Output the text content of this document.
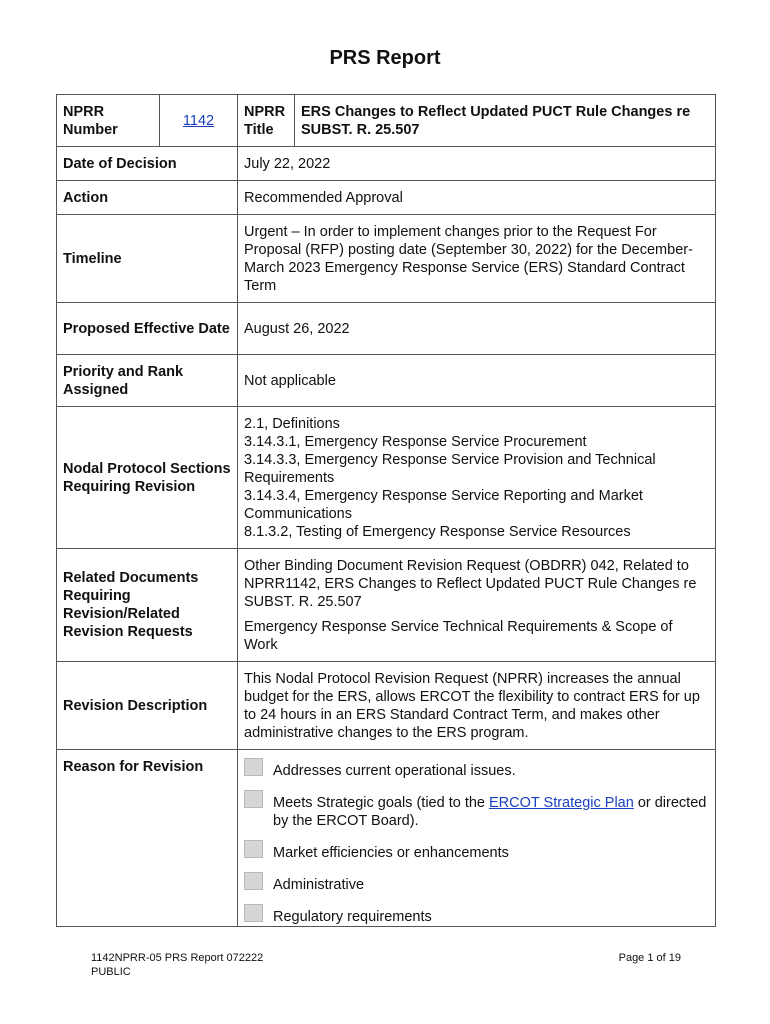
PRS Report
NPRR Number	1142	NPRR Title	ERS Changes to Reflect Updated PUCT Rule Changes re SUBST. R. 25.507
Date of Decision		July 22, 2022	
Action		Recommended Approval	
Timeline		Urgent – In order to implement changes prior to the Request For Proposal (RFP) posting date (September 30, 2022) for the December-March 2023 Emergency Response Service (ERS) Standard Contract Term	
Proposed Effective Date		August 26, 2022	
Priority and Rank Assigned		Not applicable	
Nodal Protocol Sections Requiring Revision		2.1, Definitions
3.14.3.1, Emergency Response Service Procurement
3.14.3.3, Emergency Response Service Provision and Technical Requirements
3.14.3.4, Emergency Response Service Reporting and Market Communications
8.1.3.2, Testing of Emergency Response Service Resources	

Related Documents Requiring Revision/Related Revision Requests		Other Binding Document Revision Request (OBDRR) 042, Related to NPRR1142, ERS Changes to Reflect Updated PUCT Rule Changes re SUBST. R. 25.507

Emergency Response Service Technical Requirements & Scope of Work	

Revision Description		This Nodal Protocol Revision Request (NPRR) increases the annual budget for the ERS, allows ERCOT the flexibility to contract ERS for up to 24 hours in an ERS Standard Contract Term, and makes other administrative changes to the ERS program.	
Reason for Revision		Addresses current operational issues.
Meets Strategic goals (tied to the ERCOT Strategic Plan or directed by the ERCOT Board).
Market efficiencies or enhancements
Administrative
Regulatory requirements	
1142NPRR-05 PRS Report 072222
PUBLIC
Page 1 of 19
